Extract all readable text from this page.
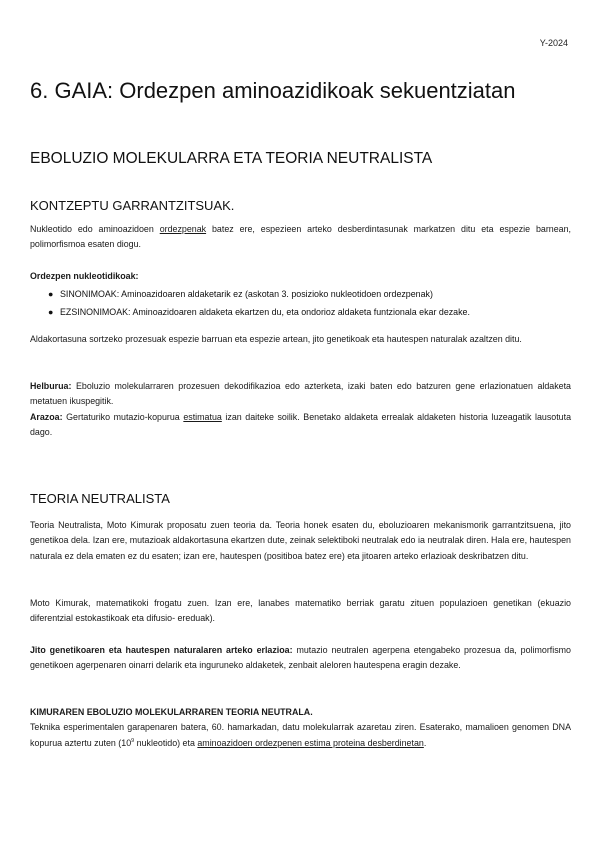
Y-2024
6. GAIA: Ordezpen aminoazidikoak sekuentziatan
EBOLUZIO MOLEKULARRA ETA TEORIA NEUTRALISTA
KONTZEPTU GARRANTZITSUAK.

Nukleotido edo aminoazidoen ordezpenak batez ere, espezieen arteko desberdintasunak markatzen ditu eta espezie barnean, polimorfismoa esaten diogu.

Ordezpen nukleotidikoak:

● SINONIMOAK: Aminoazidoaren aldaketarik ez (askotan 3. posizioko nukleotidoen ordezpenak)
● EZSINONIMOAK: Aminoazidoaren aldaketa ekartzen du, eta ondorioz aldaketa funtzionala ekar dezake.

Aldakortasuna sortzeko prozesuak espezie barruan eta espezie artean, jito genetikoak eta hautespen naturalak azaltzen ditu.

Helburua: Eboluzio molekularraren prozesuen dekodifikazioa edo azterketa, izaki baten edo batzuren gene erlazionatuen aldaketa metatuen ikuspegitik.

Arazoa: Gertaturiko mutazio-kopurua estimatua izan daiteke soilik. Benetako aldaketa errealak aldaketen historia luzeagatik lausotuta dago.

TEORIA NEUTRALISTA

Teoria Neutralista, Moto Kimurak proposatu zuen teoria da. Teoria honek esaten du, eboluzioaren mekanismorik garrantzitsuena, jito genetikoa dela. Izan ere, mutazioak aldakortasuna ekartzen dute, zeinak selektiboki neutralak edo ia neutralak diren. Hala ere, hautespen naturala ez dela ematen ez du esaten; izan ere, hautespen (positiboa batez ere) eta jitoaren arteko erlazioak deskribatzen ditu.

Moto Kimurak, matematikoki frogatu zuen. Izan ere, lanabes matematiko berriak garatu zituen populazioen genetikan (ekuazio diferentzial estokastikoak eta difusio- ereduak).

Jito genetikoaren eta hautespen naturalaren arteko erlazioa: mutazio neutralen agerpena etengabeko prozesua da, polimorfismo genetikoen agerpenaren oinarri delarik eta inguruneko aldaketek, zenbait aleloren hautespena eragin dezake.

KIMURAREN EBOLUZIO MOLEKULARRAREN TEORIA NEUTRALA.
Teknika esperimentalen garapenaren batera, 60. hamarkadan, datu molekularrak azaretau ziren. Esaterako, mamalioen genomen DNA kopurua aztertu zuten ($10^9$ nukleotido) eta aminoazidoen ordezpenen estima proteina desberdinetan.
